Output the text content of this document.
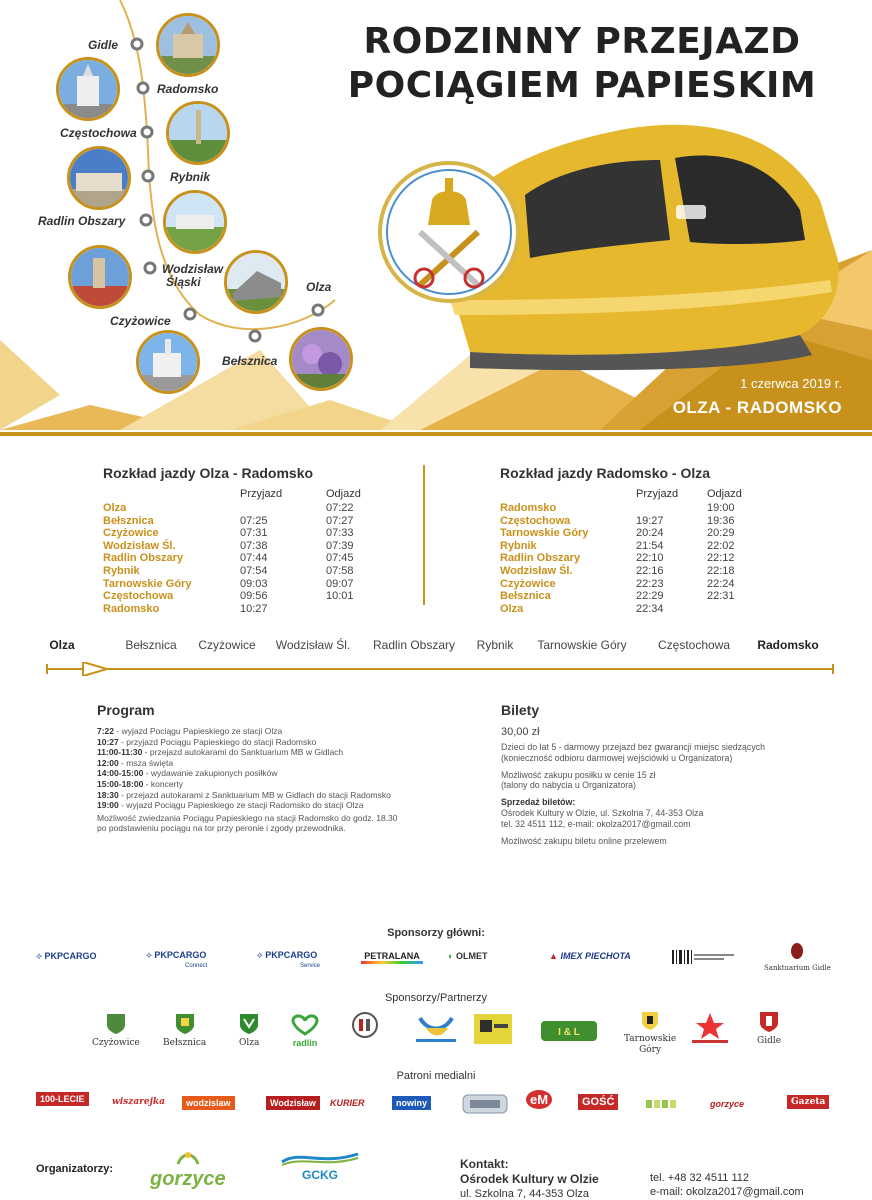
RODZINNY PRZEJAZD
POCIĄGIEM PAPIESKIM
1 czerwca 2019 r.
OLZA - RADOMSKO
Gidle
Radomsko
Częstochowa
Rybnik
Radlin Obszary
Wodzisław
Śląski	Olza
Czyżowice
Bełsznica
Rozkład jazdy Olza - Radomsko
	Przyjazd	Odjazd
Olza		07:22
Bełsznica	07:25	07:27
Czyżowice	07:31	07:33
Wodzisław Śl.	07:38	07:39
Radlin Obszary	07:44	07:45
Rybnik	07:54	07:58
Tarnowskie Góry	09:03	09:07
Częstochowa	09:56	10:01
Radomsko	10:27	
Rozkład jazdy Radomsko - Olza
	Przyjazd	Odjazd
Radomsko		19:00
Częstochowa	19:27	19:36
Tarnowskie Góry	20:24	20:29
Rybnik	21:54	22:02
Radlin Obszary	22:10	22:12
Wodzisław Śl.	22:16	22:18
Czyżowice	22:23	22:24
Bełsznica	22:29	22:31
Olza	22:34	
Olza	Bełsznica Czyżowice Wodzisław Śl. Radlin Obszary Rybnik Tarnowskie Góry	Częstochowa Radomsko
Program
7:22 - wyjazd Pociągu Papieskiego ze stacji Olza
10:27 - przyjazd Pociągu Papieskiego do stacji Radomsko
11:00-11:30 - przejazd autokarami do Sanktuarium MB w Gidlach
12:00 - msza święta
14:00-15:00 - wydawanie zakupionych posiłków
15:00-18:00 - koncerty
18:30 - przejazd autokarami z Sanktuarium MB w Gidlach do stacji Radomsko
19:00 - wyjazd Pociągu Papieskiego ze stacji Radomsko do stacji Olza
Możliwość zwiedzania Pociągu Papieskiego na stacji Radomsko do godz. 18.30
po podstawieniu pociągu na tor przy peronie i zgody przewodnika.
Bilety
30,00 zł
Dzieci do lat 5 - darmowy przejazd bez gwarancji miejsc siedzących
(konieczność odbioru darmowej wejściówki u Organizatora)
Możliwość zakupu posiłku w cenie 15 zł
(talony do nabycia u Organizatora)
Sprzedaż biletów:
Ośrodek Kultury w Olzie, ul. Szkolna 7, 44-353 Olza
tel. 32 4511 112, e-mail: okolza2017@gmail.com
Możliwość zakupu biletu online przelewem
Sponsorzy główni:
⟡ PKPCARGO	⟡ PKPCARGO
Connect
⟡ PKPCARGO
Service
PETRALANA	◐ OLMET	▲ IMEX PIECHOTA
Sanktuarium Gidle
Sponsorzy/Partnerzy
Czyżowice	Bełsznica	Olza	radlin
I & L
Tarnowskie
Góry
Gidle
Patroni medialni
100-LECIE	wiszarejka	wodzislaw	Wodzisław	KURIER	nowiny	eM	GOŚĆ	gorzyce	Gazeta
Organizatorzy: gorzyce	GCKG
Kontakt:
Ośrodek Kultury w Olzie
ul. Szkolna 7, 44-353 Olza
tel. +48 32 4511 112
e-mail: okolza2017@gmail.com
